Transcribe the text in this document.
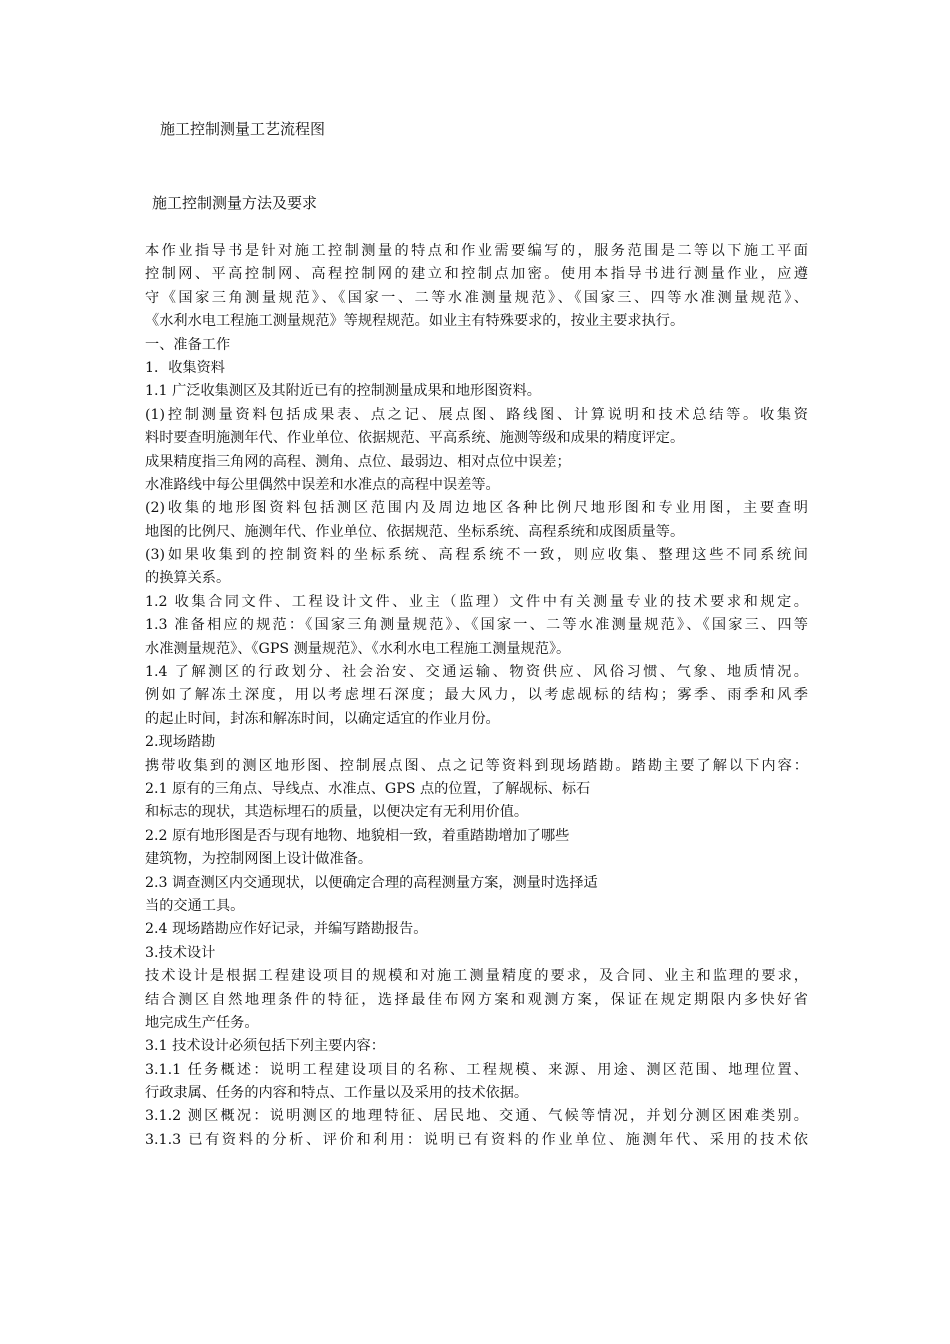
施工控制测量工艺流程图
施工控制测量方法及要求
本作业指导书是针对施工控制测量的特点和作业需要编写的，服务范围是二等以下施工平面
控制网、平高控制网、高程控制网的建立和控制点加密。使用本指导书进行测量作业，应遵
守《国家三角测量规范》、《国家一、二等水准测量规范》、《国家三、四等水准测量规范》、
《水利水电工程施工测量规范》等规程规范。如业主有特殊要求的，按业主要求执行。
一、准备工作
1．收集资料
1.1 广泛收集测区及其附近已有的控制测量成果和地形图资料。
(1)控制测量资料包括成果表、点之记、展点图、路线图、计算说明和技术总结等。收集资
料时要查明施测年代、作业单位、依据规范、平高系统、施测等级和成果的精度评定。
成果精度指三角网的高程、测角、点位、最弱边、相对点位中误差；
水准路线中每公里偶然中误差和水准点的高程中误差等。
(2)收集的地形图资料包括测区范围内及周边地区各种比例尺地形图和专业用图，主要查明
地图的比例尺、施测年代、作业单位、依据规范、坐标系统、高程系统和成图质量等。
(3)如果收集到的控制资料的坐标系统、高程系统不一致，则应收集、整理这些不同系统间
的换算关系。
1.2 收集合同文件、工程设计文件、业主（监理）文件中有关测量专业的技术要求和规定。
1.3 准备相应的规范：《国家三角测量规范》、《国家一、二等水准测量规范》、《国家三、四等
水准测量规范》、《GPS 测量规范》、《水利水电工程施工测量规范》。
1.4 了解测区的行政划分、社会治安、交通运输、物资供应、风俗习惯、气象、地质情况。
例如了解冻土深度，用以考虑埋石深度；最大风力，以考虑觇标的结构；雾季、雨季和风季
的起止时间，封冻和解冻时间，以确定适宜的作业月份。
2.现场踏勘
携带收集到的测区地形图、控制展点图、点之记等资料到现场踏勘。踏勘主要了解以下内容：
2.1 原有的三角点、导线点、水准点、GPS 点的位置，了解觇标、标石
和标志的现状，其造标埋石的质量，以便决定有无利用价值。
2.2 原有地形图是否与现有地物、地貌相一致，着重踏勘增加了哪些
建筑物，为控制网图上设计做准备。
2.3 调查测区内交通现状，以便确定合理的高程测量方案，测量时选择适
当的交通工具。
2.4 现场踏勘应作好记录，并编写踏勘报告。
3.技术设计
技术设计是根据工程建设项目的规模和对施工测量精度的要求，及合同、业主和监理的要求，
结合测区自然地理条件的特征，选择最佳布网方案和观测方案，保证在规定期限内多快好省
地完成生产任务。
3.1 技术设计必须包括下列主要内容：
3.1.1 任务概述：说明工程建设项目的名称、工程规模、来源、用途、测区范围、地理位置、
行政隶属、任务的内容和特点、工作量以及采用的技术依据。
3.1.2 测区概况：说明测区的地理特征、居民地、交通、气候等情况，并划分测区困难类别。
3.1.3 已有资料的分析、评价和利用：说明已有资料的作业单位、施测年代、采用的技术依
